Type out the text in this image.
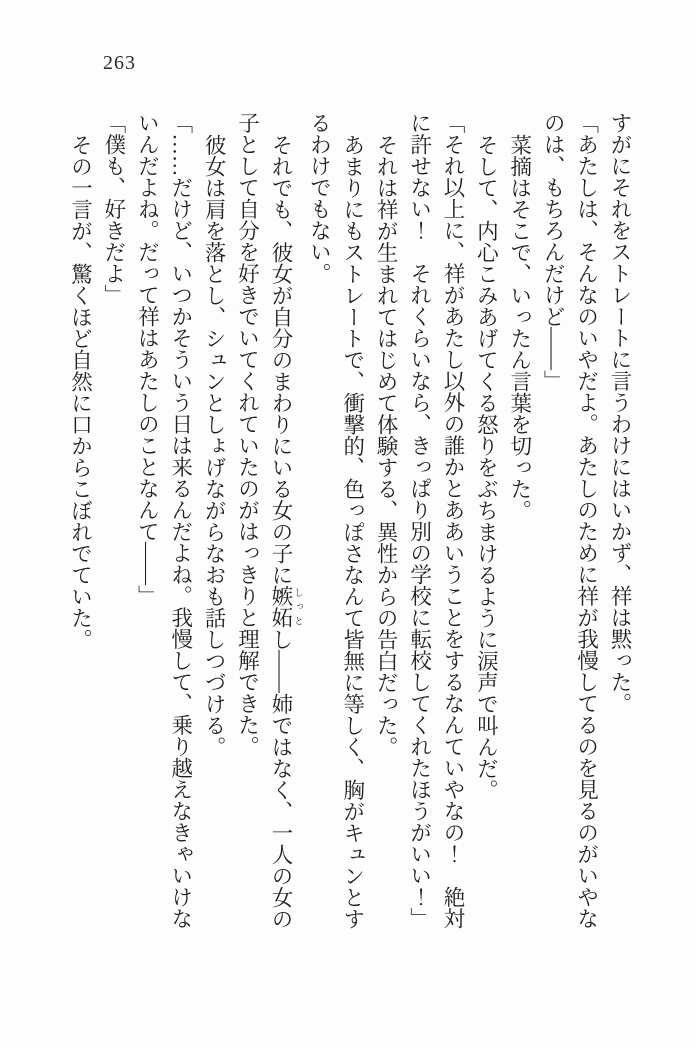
263

すがにそれをストレートに言うわけにはいかず、祥は黙った。

「あたしは、そんなのいやだよ。あたしのために祥が我慢してるのを見るのがいやなのは、もちろんだけど――」

菜摘はそこで、いったん言葉を切った。

そして、内心こみあげてくる怒りをぶちまけるように涙声で叫んだ。

「それ以上に、祥があたし以外の誰かとああいうことをするなんていやなの！　絶対に許せない！　それくらいなら、きっぱり別の学校に転校してくれたほうがいい！」

それは祥が生まれてはじめて体験する、異性からの告白だった。

あまりにもストレートで、衝撃的、色っぽさなんて皆無に等しく、胸がキュンとするわけでもない。

それでも、彼女が自分のまわりにいる女の子に嫉妬 しっとし――姉ではなく、一人の女の子として自分を好きでいてくれていたのがはっきりと理解できた。

彼女は肩を落とし、シュンとしょげながらなおも話しつづける。

「……だけど、いつかそういう日は来るんだよね。我慢して、乗り越えなきゃいけないんだよね。だって祥はあたしのことなんて――」

「僕も、好きだよ」

その一言が、驚くほど自然に口からこぼれでていた。
